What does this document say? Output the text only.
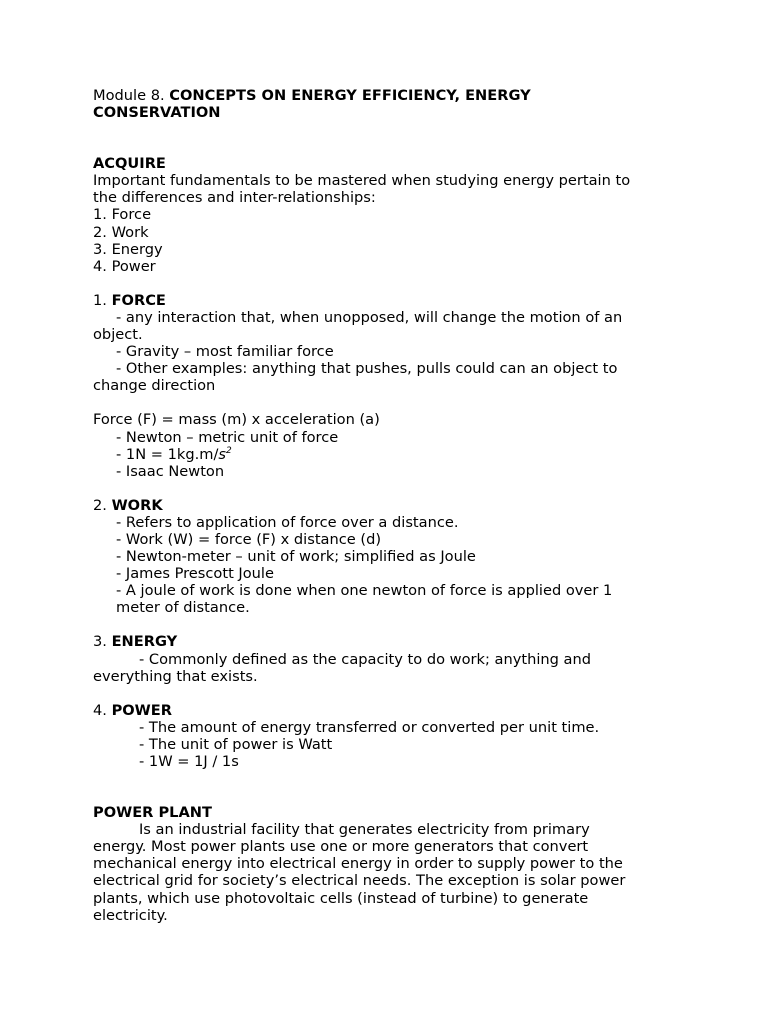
Module 8. CONCEPTS ON ENERGY EFFICIENCY, ENERGY

CONSERVATION

ACQUIRE

Important fundamentals to be mastered when studying energy pertain to

the differences and inter-relationships:

1. Force

2. Work

3. Energy

4. Power

1. FORCE

- any interaction that, when unopposed, will change the motion of an

object.

- Gravity – most familiar force

- Other examples: anything that pushes, pulls could can an object to

change direction

Force (F) = mass (m) x acceleration (a)

- Newton – metric unit of force

- $1N = 1kg.m/s^2$

- Isaac Newton

2. WORK

- Refers to application of force over a distance.

- Work (W) = force (F) x distance (d)

- Newton-meter – unit of work; simplified as Joule

- James Prescott Joule

- A joule of work is done when one newton of force is applied over 1

meter of distance.

3. ENERGY

- Commonly defined as the capacity to do work; anything and

everything that exists.

4. POWER

- The amount of energy transferred or converted per unit time.

- The unit of power is Watt

- 1W = 1J / 1s

POWER PLANT

Is an industrial facility that generates electricity from primary

energy. Most power plants use one or more generators that convert

mechanical energy into electrical energy in order to supply power to the

electrical grid for society’s electrical needs. The exception is solar power

plants, which use photovoltaic cells (instead of turbine) to generate

electricity.
